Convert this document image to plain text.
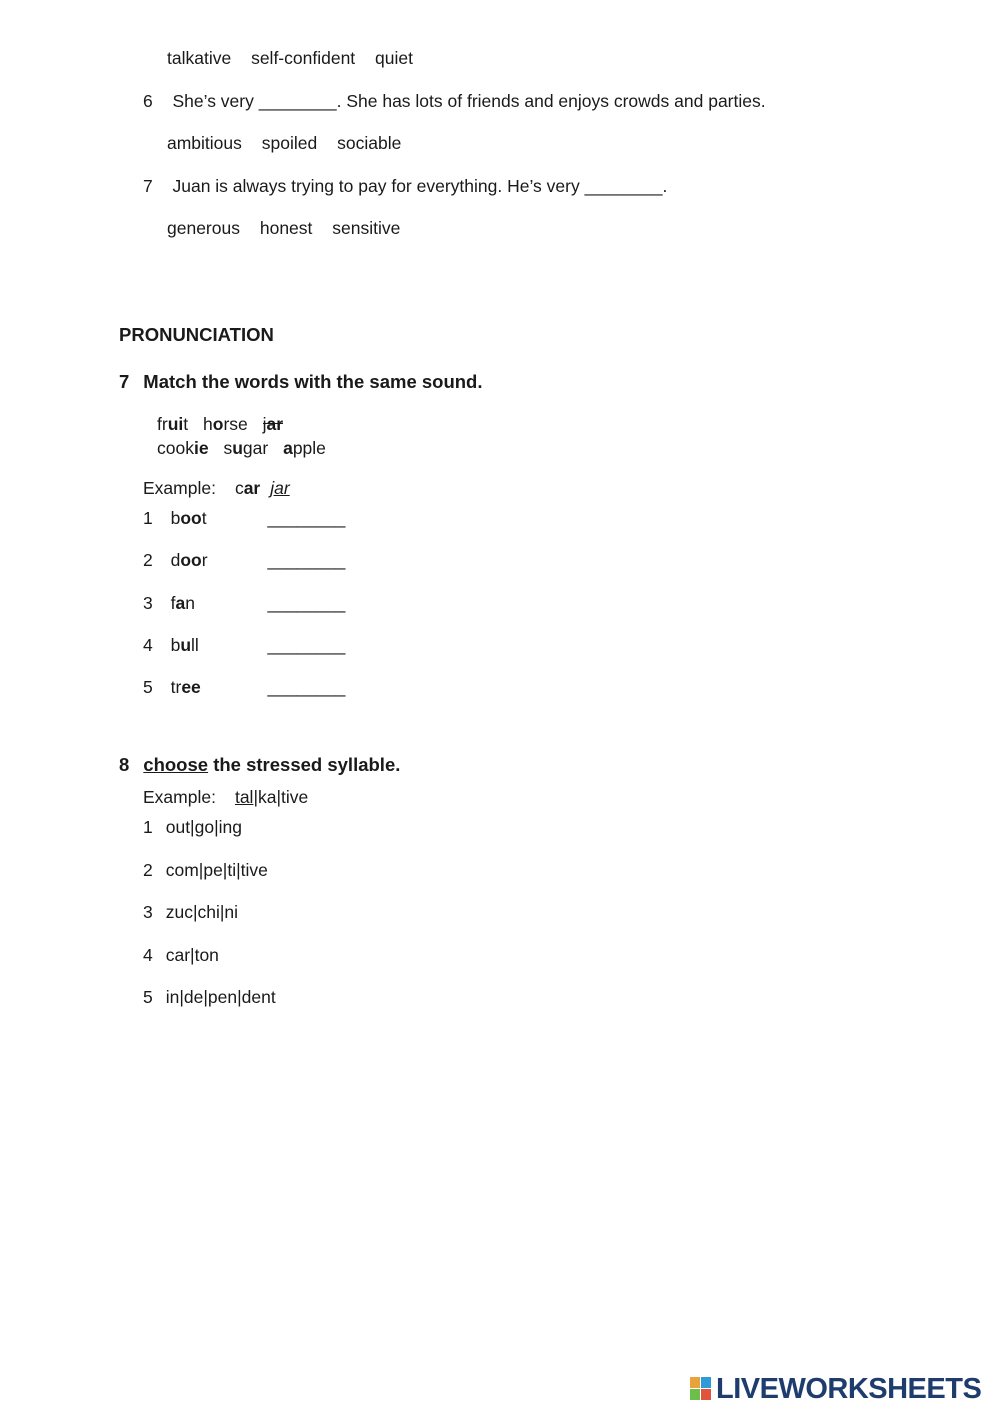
talkative self-confident quiet
6 She’s very ________. She has lots of friends and enjoys crowds and parties.
ambitious spoiled sociable
7 Juan is always trying to pay for everything. He’s very ________.
generous honest sensitive
PRONUNCIATION
7 Match the words with the same sound.
fruit horse jar
cookie sugar apple
Example: car jar
1 boot	________
2 door	________
3 fan	________
4 bull	________
5 tree	________
8 choose the stressed syllable.
Example: tal|ka|tive
1 out|go|ing
2 com|pe|ti|tive
3 zuc|chi|ni
4 car|ton
5 in|de|pen|dent
LIVEWORKSHEETS
